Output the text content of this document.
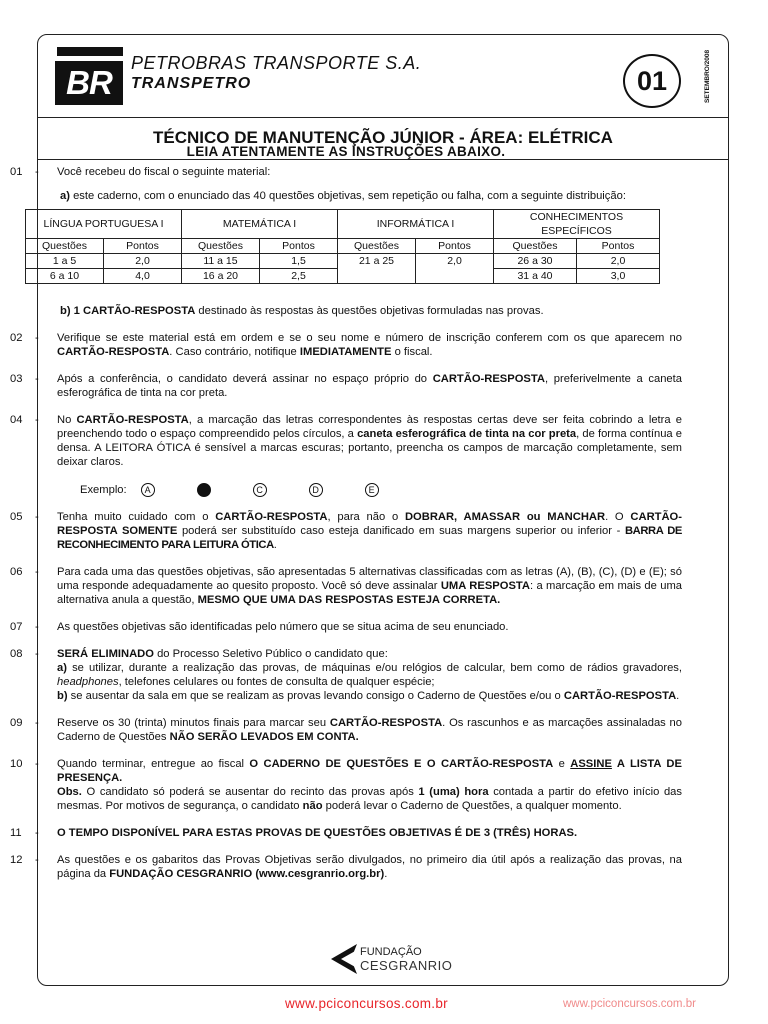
BR
PETROBRAS TRANSPORTE S.A.
TRANSPETRO	01	SETEMBRO/2008
TÉCNICO DE MANUTENÇÃO JÚNIOR - ÁREA: ELÉTRICA
LEIA ATENTAMENTE AS INSTRUÇÕES ABAIXO.
01	-	Você recebeu do fiscal o seguinte material:
a) este caderno, com o enunciado das 40 questões objetivas, sem repetição ou falha, com a seguinte distribuição:
LÍNGUA PORTUGUESA I		MATEMÁTICA I		INFORMÁTICA I		CONHECIMENTOS ESPECÍFICOS	
Questões	Pontos	Questões	Pontos	Questões	Pontos	Questões	Pontos
1 a 5	2,0	11 a 15	1,5	21 a 25	2,0	26 a 30	2,0
6 a 10	4,0	16 a 20	2,5			31 a 40	3,0
b) 1 CARTÃO-RESPOSTA destinado às respostas às questões objetivas formuladas nas provas.
02	-	Verifique se este material está em ordem e se o seu nome e número de inscrição conferem com os que aparecem no CARTÃO-RESPOSTA. Caso contrário, notifique IMEDIATAMENTE o fiscal.
03	-	Após a conferência, o candidato deverá assinar no espaço próprio do CARTÃO-RESPOSTA, preferivelmente a caneta esferográfica de tinta na cor preta.
04	-	No CARTÃO-RESPOSTA, a marcação das letras correspondentes às respostas certas deve ser feita cobrindo a letra e preenchendo todo o espaço compreendido pelos círculos, a caneta esferográfica de tinta na cor preta, de forma contínua e densa. A LEITORA ÓTICA é sensível a marcas escuras; portanto, preencha os campos de marcação completamente, sem deixar claros.
Exemplo:	A	C	D	E
05	-	Tenha muito cuidado com o CARTÃO-RESPOSTA, para não o DOBRAR, AMASSAR ou MANCHAR. O CARTÃO-RESPOSTA SOMENTE poderá ser substituído caso esteja danificado em suas margens superior ou inferior - BARRA DE RECONHECIMENTO PARA LEITURA ÓTICA.
06	-	Para cada uma das questões objetivas, são apresentadas 5 alternativas classificadas com as letras (A), (B), (C), (D) e (E); só uma responde adequadamente ao quesito proposto. Você só deve assinalar UMA RESPOSTA: a marcação em mais de uma alternativa anula a questão, MESMO QUE UMA DAS RESPOSTAS ESTEJA CORRETA.
07	-	As questões objetivas são identificadas pelo número que se situa acima de seu enunciado.
08	-	SERÁ ELIMINADO do Processo Seletivo Público o candidato que:
a) se utilizar, durante a realização das provas, de máquinas e/ou relógios de calcular, bem como de rádios gravadores, headphones, telefones celulares ou fontes de consulta de qualquer espécie;
b) se ausentar da sala em que se realizam as provas levando consigo o Caderno de Questões e/ou o CARTÃO-RESPOSTA.
09	-	Reserve os 30 (trinta) minutos finais para marcar seu CARTÃO-RESPOSTA. Os rascunhos e as marcações assinaladas no Caderno de Questões NÃO SERÃO LEVADOS EM CONTA.
10	-	Quando terminar, entregue ao fiscal O CADERNO DE QUESTÕES E O CARTÃO-RESPOSTA e ASSINE A LISTA DE PRESENÇA.
Obs. O candidato só poderá se ausentar do recinto das provas após 1 (uma) hora contada a partir do efetivo início das mesmas. Por motivos de segurança, o candidato não poderá levar o Caderno de Questões, a qualquer momento.
11	-	O TEMPO DISPONÍVEL PARA ESTAS PROVAS DE QUESTÕES OBJETIVAS É DE 3 (TRÊS) HORAS.
12	-	As questões e os gabaritos das Provas Objetivas serão divulgados, no primeiro dia útil após a realização das provas, na página da FUNDAÇÃO CESGRANRIO (www.cesgranrio.org.br).
FUNDAÇÃO
CESGRANRIO
www.pciconcursos.com.br	www.pciconcursos.com.br
